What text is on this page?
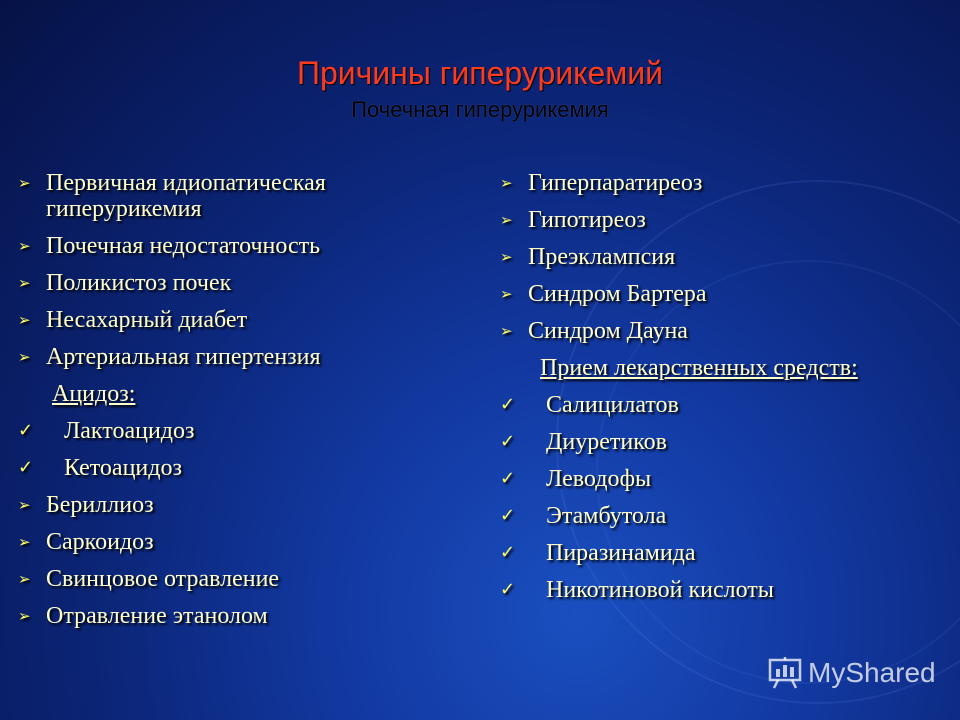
Причины гиперурикемий
Почечная гиперурикемия
➢ Первичная идиопатическая гиперурикемия
➢ Почечная недостаточность
➢ Поликистоз почек
➢ Несахарный диабет
➢ Артериальная гипертензия
Ацидоз:
✓ Лактоацидоз
✓ Кетоацидоз
➢ Бериллиоз
➢ Саркоидоз
➢ Свинцовое отравление
➢ Отравление этанолом
➢ Гиперпаратиреоз
➢ Гипотиреоз
➢ Преэклампсия
➢ Синдром Бартера
➢ Синдром Дауна
Прием лекарственных средств:
✓ Салицилатов
✓ Диуретиков
✓ Леводофы
✓ Этамбутола
✓ Пиразинамида
✓ Никотиновой кислоты
MyShared
